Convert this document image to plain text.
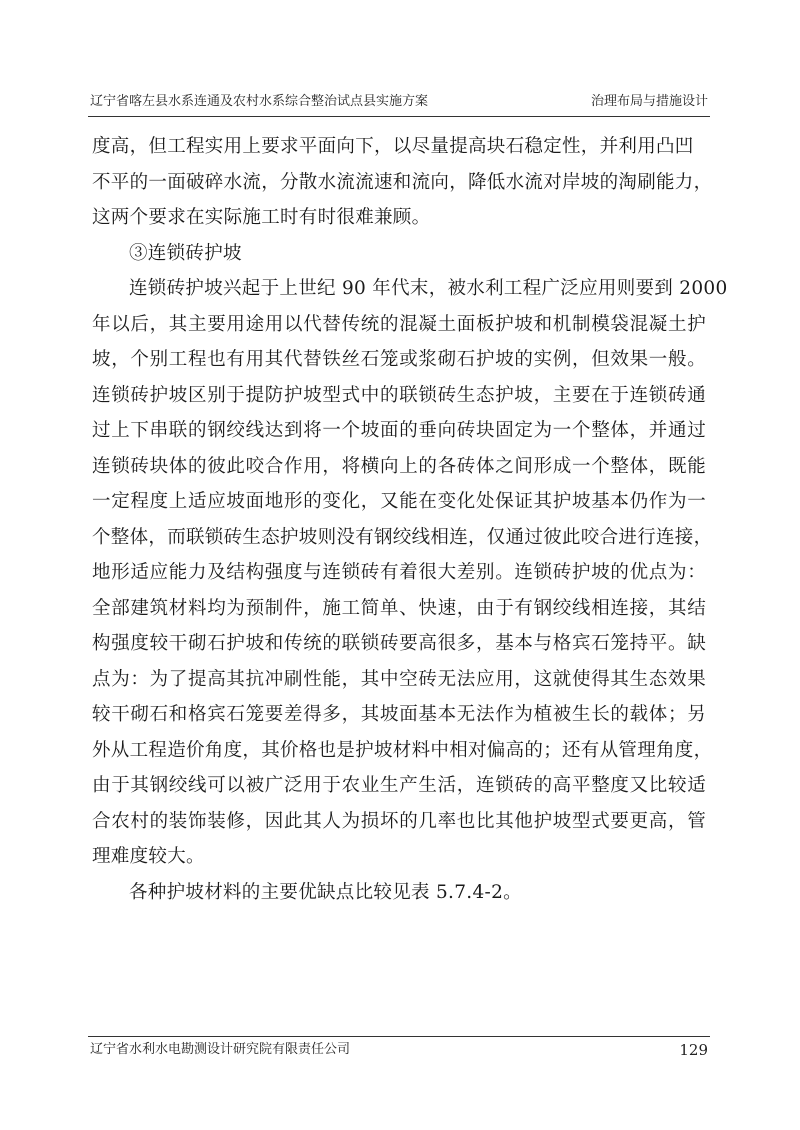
辽宁省喀左县水系连通及农村水系综合整治试点县实施方案	治理布局与措施设计
度高，但工程实用上要求平面向下，以尽量提高块石稳定性，并利用凸凹
不平的一面破碎水流，分散水流流速和流向，降低水流对岸坡的淘刷能力，
这两个要求在实际施工时有时很难兼顾。
③连锁砖护坡
连锁砖护坡兴起于上世纪 90 年代末，被水利工程广泛应用则要到 2000
年以后，其主要用途用以代替传统的混凝土面板护坡和机制模袋混凝土护
坡，个别工程也有用其代替铁丝石笼或浆砌石护坡的实例，但效果一般。
连锁砖护坡区别于提防护坡型式中的联锁砖生态护坡，主要在于连锁砖通
过上下串联的钢绞线达到将一个坡面的垂向砖块固定为一个整体，并通过
连锁砖块体的彼此咬合作用，将横向上的各砖体之间形成一个整体，既能
一定程度上适应坡面地形的变化，又能在变化处保证其护坡基本仍作为一
个整体，而联锁砖生态护坡则没有钢绞线相连，仅通过彼此咬合进行连接，
地形适应能力及结构强度与连锁砖有着很大差别。连锁砖护坡的优点为：
全部建筑材料均为预制件，施工简单、快速，由于有钢绞线相连接，其结
构强度较干砌石护坡和传统的联锁砖要高很多，基本与格宾石笼持平。缺
点为：为了提高其抗冲刷性能，其中空砖无法应用，这就使得其生态效果
较干砌石和格宾石笼要差得多，其坡面基本无法作为植被生长的载体；另
外从工程造价角度，其价格也是护坡材料中相对偏高的；还有从管理角度，
由于其钢绞线可以被广泛用于农业生产生活，连锁砖的高平整度又比较适
合农村的装饰装修，因此其人为损坏的几率也比其他护坡型式要更高，管
理难度较大。
各种护坡材料的主要优缺点比较见表 5.7.4-2。
辽宁省水利水电勘测设计研究院有限责任公司	129
